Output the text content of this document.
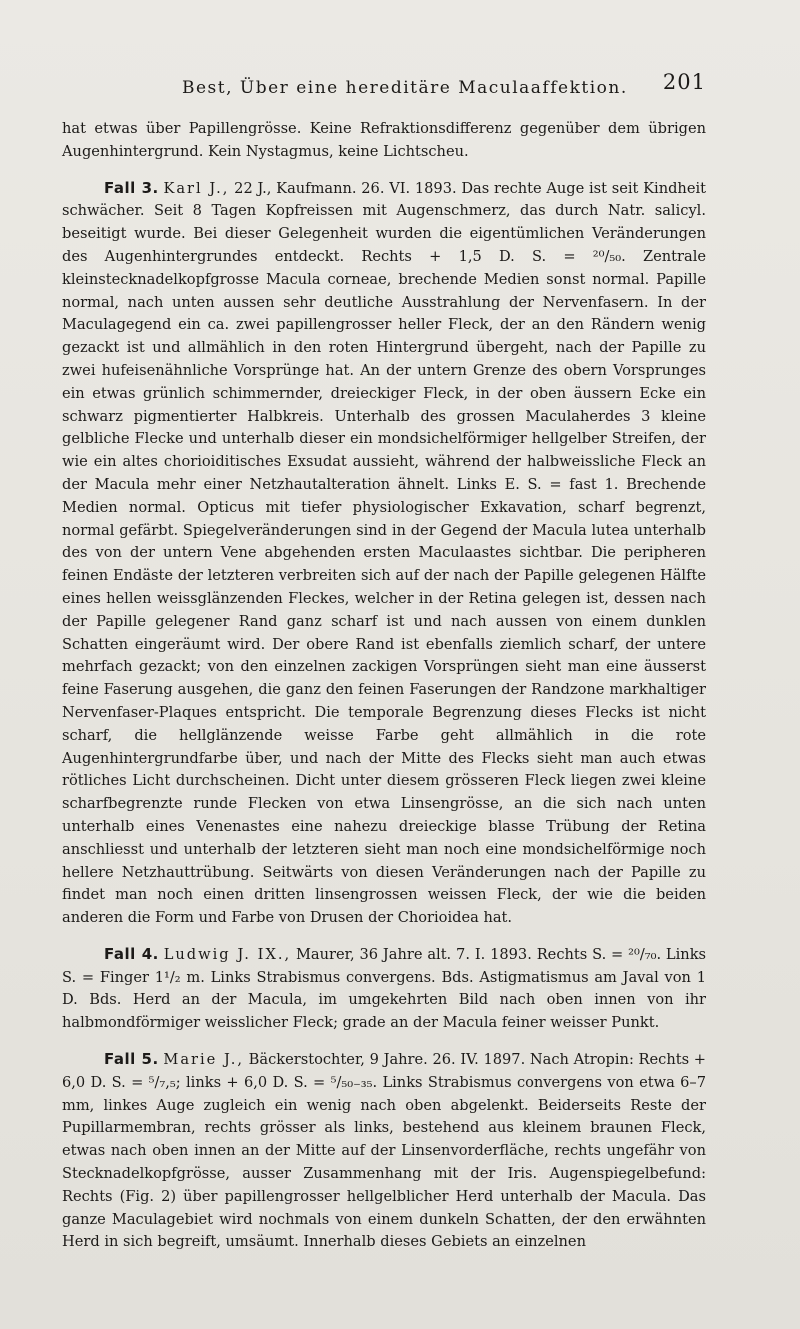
Best, Über eine hereditäre Maculaaffektion. 201

hat etwas über Papillengrösse. Keine Refraktionsdifferenz gegenüber dem übrigen Augenhintergrund. Kein Nystagmus, keine Lichtscheu.

Fall 3. Karl J., 22 J., Kaufmann. 26. VI. 1893. Das rechte Auge ist seit Kindheit schwächer. Seit 8 Tagen Kopfreissen mit Augenschmerz, das durch Natr. salicyl. beseitigt wurde. Bei dieser Gelegenheit wurden die eigentümlichen Veränderungen des Augenhintergrundes entdeckt. Rechts + 1,5 D. S. = ²⁰/₅₀. Zentrale kleinstecknadelkopfgrosse Macula corneae, brechende Medien sonst normal. Papille normal, nach unten aussen sehr deutliche Ausstrahlung der Nervenfasern. In der Maculagegend ein ca. zwei papillengrosser heller Fleck, der an den Rändern wenig gezackt ist und allmählich in den roten Hintergrund übergeht, nach der Papille zu zwei hufeisenähnliche Vorsprünge hat. An der untern Grenze des obern Vorsprunges ein etwas grünlich schimmernder, dreieckiger Fleck, in der oben äussern Ecke ein schwarz pigmentierter Halbkreis. Unterhalb des grossen Maculaherdes 3 kleine gelbliche Flecke und unterhalb dieser ein mondsichelförmiger hellgelber Streifen, der wie ein altes chorioiditisches Exsudat aussieht, während der halbweissliche Fleck an der Macula mehr einer Netzhautalteration ähnelt. Links E. S. = fast 1. Brechende Medien normal. Opticus mit tiefer physiologischer Exkavation, scharf begrenzt, normal gefärbt. Spiegelveränderungen sind in der Gegend der Macula lutea unterhalb des von der untern Vene abgehenden ersten Maculaastes sichtbar. Die peripheren feinen Endäste der letzteren verbreiten sich auf der nach der Papille gelegenen Hälfte eines hellen weissglänzenden Fleckes, welcher in der Retina gelegen ist, dessen nach der Papille gelegener Rand ganz scharf ist und nach aussen von einem dunklen Schatten eingeräumt wird. Der obere Rand ist ebenfalls ziemlich scharf, der untere mehrfach gezackt; von den einzelnen zackigen Vorsprüngen sieht man eine äusserst feine Faserung ausgehen, die ganz den feinen Faserungen der Randzone markhaltiger Nervenfaser-Plaques entspricht. Die temporale Begrenzung dieses Flecks ist nicht scharf, die hellglänzende weisse Farbe geht allmählich in die rote Augenhintergrundfarbe über, und nach der Mitte des Flecks sieht man auch etwas rötliches Licht durchscheinen. Dicht unter diesem grösseren Fleck liegen zwei kleine scharfbegrenzte runde Flecken von etwa Linsengrösse, an die sich nach unten unterhalb eines Venenastes eine nahezu dreieckige blasse Trübung der Retina anschliesst und unterhalb der letzteren sieht man noch eine mondsichelförmige noch hellere Netzhauttrübung. Seitwärts von diesen Veränderungen nach der Papille zu findet man noch einen dritten linsengrossen weissen Fleck, der wie die beiden anderen die Form und Farbe von Drusen der Chorioidea hat.

Fall 4. Ludwig J. IX., Maurer, 36 Jahre alt. 7. I. 1893. Rechts S. = ²⁰/₇₀. Links S. = Finger 1¹/₂ m. Links Strabismus convergens. Bds. Astigmatismus am Javal von 1 D. Bds. Herd an der Macula, im umgekehrten Bild nach oben innen von ihr halbmondförmiger weisslicher Fleck; grade an der Macula feiner weisser Punkt.

Fall 5. Marie J., Bäckerstochter, 9 Jahre. 26. IV. 1897. Nach Atropin: Rechts + 6,0 D. S. = ⁵/₇,₅; links + 6,0 D. S. = ⁵/₅₀₋₃₅. Links Strabismus convergens von etwa 6–7 mm, linkes Auge zugleich ein wenig nach oben abgelenkt. Beiderseits Reste der Pupillarmembran, rechts grösser als links, bestehend aus kleinem braunen Fleck, etwas nach oben innen an der Mitte auf der Linsenvorderfläche, rechts ungefähr von Stecknadelkopfgrösse, ausser Zusammenhang mit der Iris. Augenspiegelbefund: Rechts (Fig. 2) über papillengrosser hellgelblicher Herd unterhalb der Macula. Das ganze Maculagebiet wird nochmals von einem dunkeln Schatten, der den erwähnten Herd in sich begreift, umsäumt. Innerhalb dieses Gebiets an einzelnen
